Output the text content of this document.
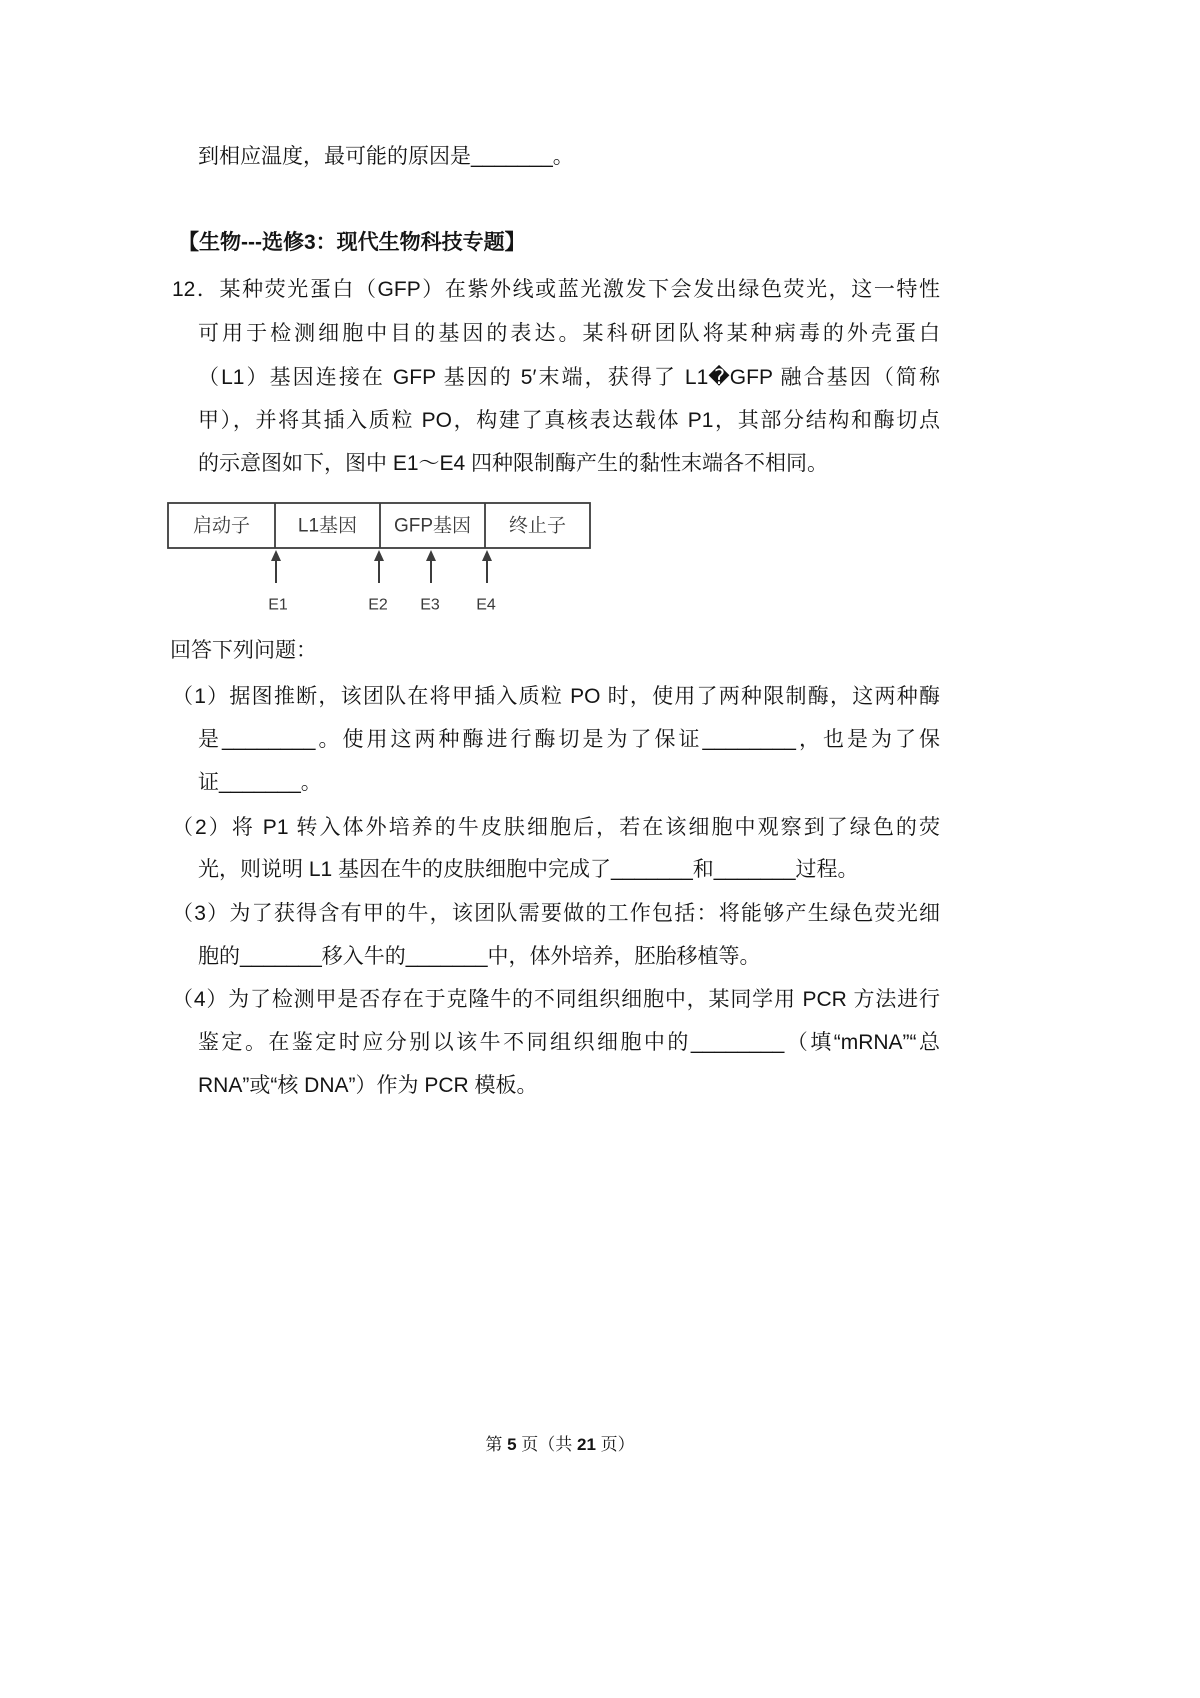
到相应温度，最可能的原因是_______。
【生物---选修3：现代生物科技专题】
12．某种荧光蛋白（GFP）在紫外线或蓝光激发下会发出绿色荧光，这一特性
可用于检测细胞中目的基因的表达。某科研团队将某种病毒的外壳蛋白
（L1）基因连接在 GFP 基因的 5′末端，获得了 L1�GFP 融合基因（简称
甲），并将其插入质粒 PO，构建了真核表达载体 P1，其部分结构和酶切点
的示意图如下，图中 E1～E4 四种限制酶产生的黏性末端各不相同。
启动子	L1基因 GFP基因 终止子
E1	E2 E3 E4
回答下列问题：
（1）据图推断，该团队在将甲插入质粒 PO 时，使用了两种限制酶，这两种酶
是________。使用这两种酶进行酶切是为了保证________，也是为了保
证_______。
（2）将 P1 转入体外培养的牛皮肤细胞后，若在该细胞中观察到了绿色的荧
光，则说明 L1 基因在牛的皮肤细胞中完成了_______和_______过程。
（3）为了获得含有甲的牛，该团队需要做的工作包括：将能够产生绿色荧光细
胞的_______移入牛的_______中，体外培养，胚胎移植等。
（4）为了检测甲是否存在于克隆牛的不同组织细胞中，某同学用 PCR 方法进行
鉴定。在鉴定时应分别以该牛不同组织细胞中的________（填“mRNA”“总
RNA”或“核 DNA”）作为 PCR 模板。
第 5 页（共 21 页）
